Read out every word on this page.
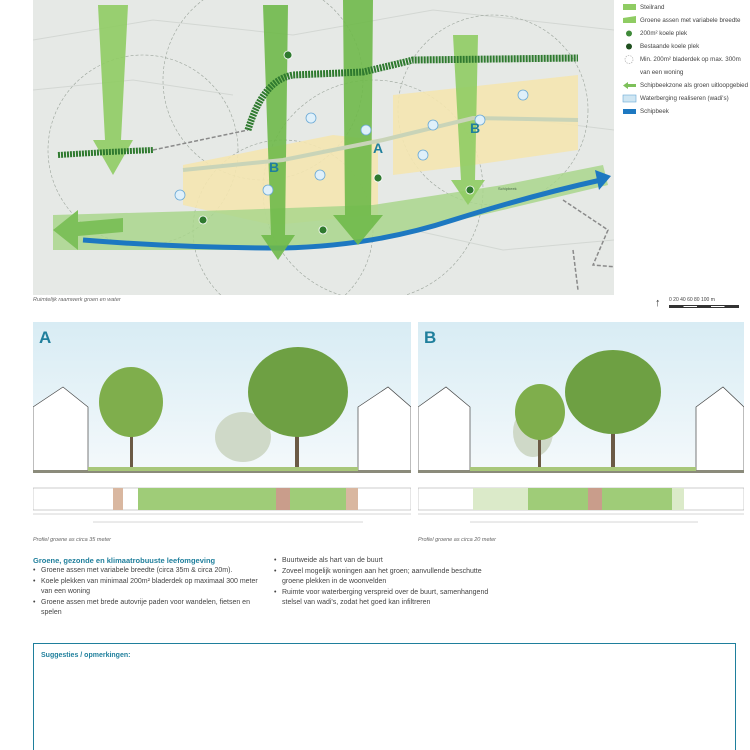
B
A
B
Schipbeek
Steilrand
Groene assen met variabele breedte
200m² koele plek
Bestaande koele plek
Min. 200m² bladerdek op max. 300m van een woning
Schipbeekzone als groen uitloopgebied
Waterberging realiseren (wadi's)
Schipbeek
Ruimtelijk raamwerk groen en water	↑ 0 20 40 60 80 100 m
A
Profiel groene as circa 35 meter
B
Profiel groene as circa 20 meter
Groene, gezonde en klimaatrobuuste leefomgeving
• Groene assen met variabele breedte (circa 35m & circa 20m).
• Koele plekken van minimaal 200m² bladerdek op maximaal 300 meter van een woning
• Groene assen met brede autovrije paden voor wandelen, fietsen en spelen
• Buurtweide als hart van de buurt
• Zoveel mogelijk woningen aan het groen; aanvullende beschutte groene plekken in de woonvelden
• Ruimte voor waterberging verspreid over de buurt, samenhangend stelsel van wadi's, zodat het goed kan infiltreren
Suggesties / opmerkingen:
